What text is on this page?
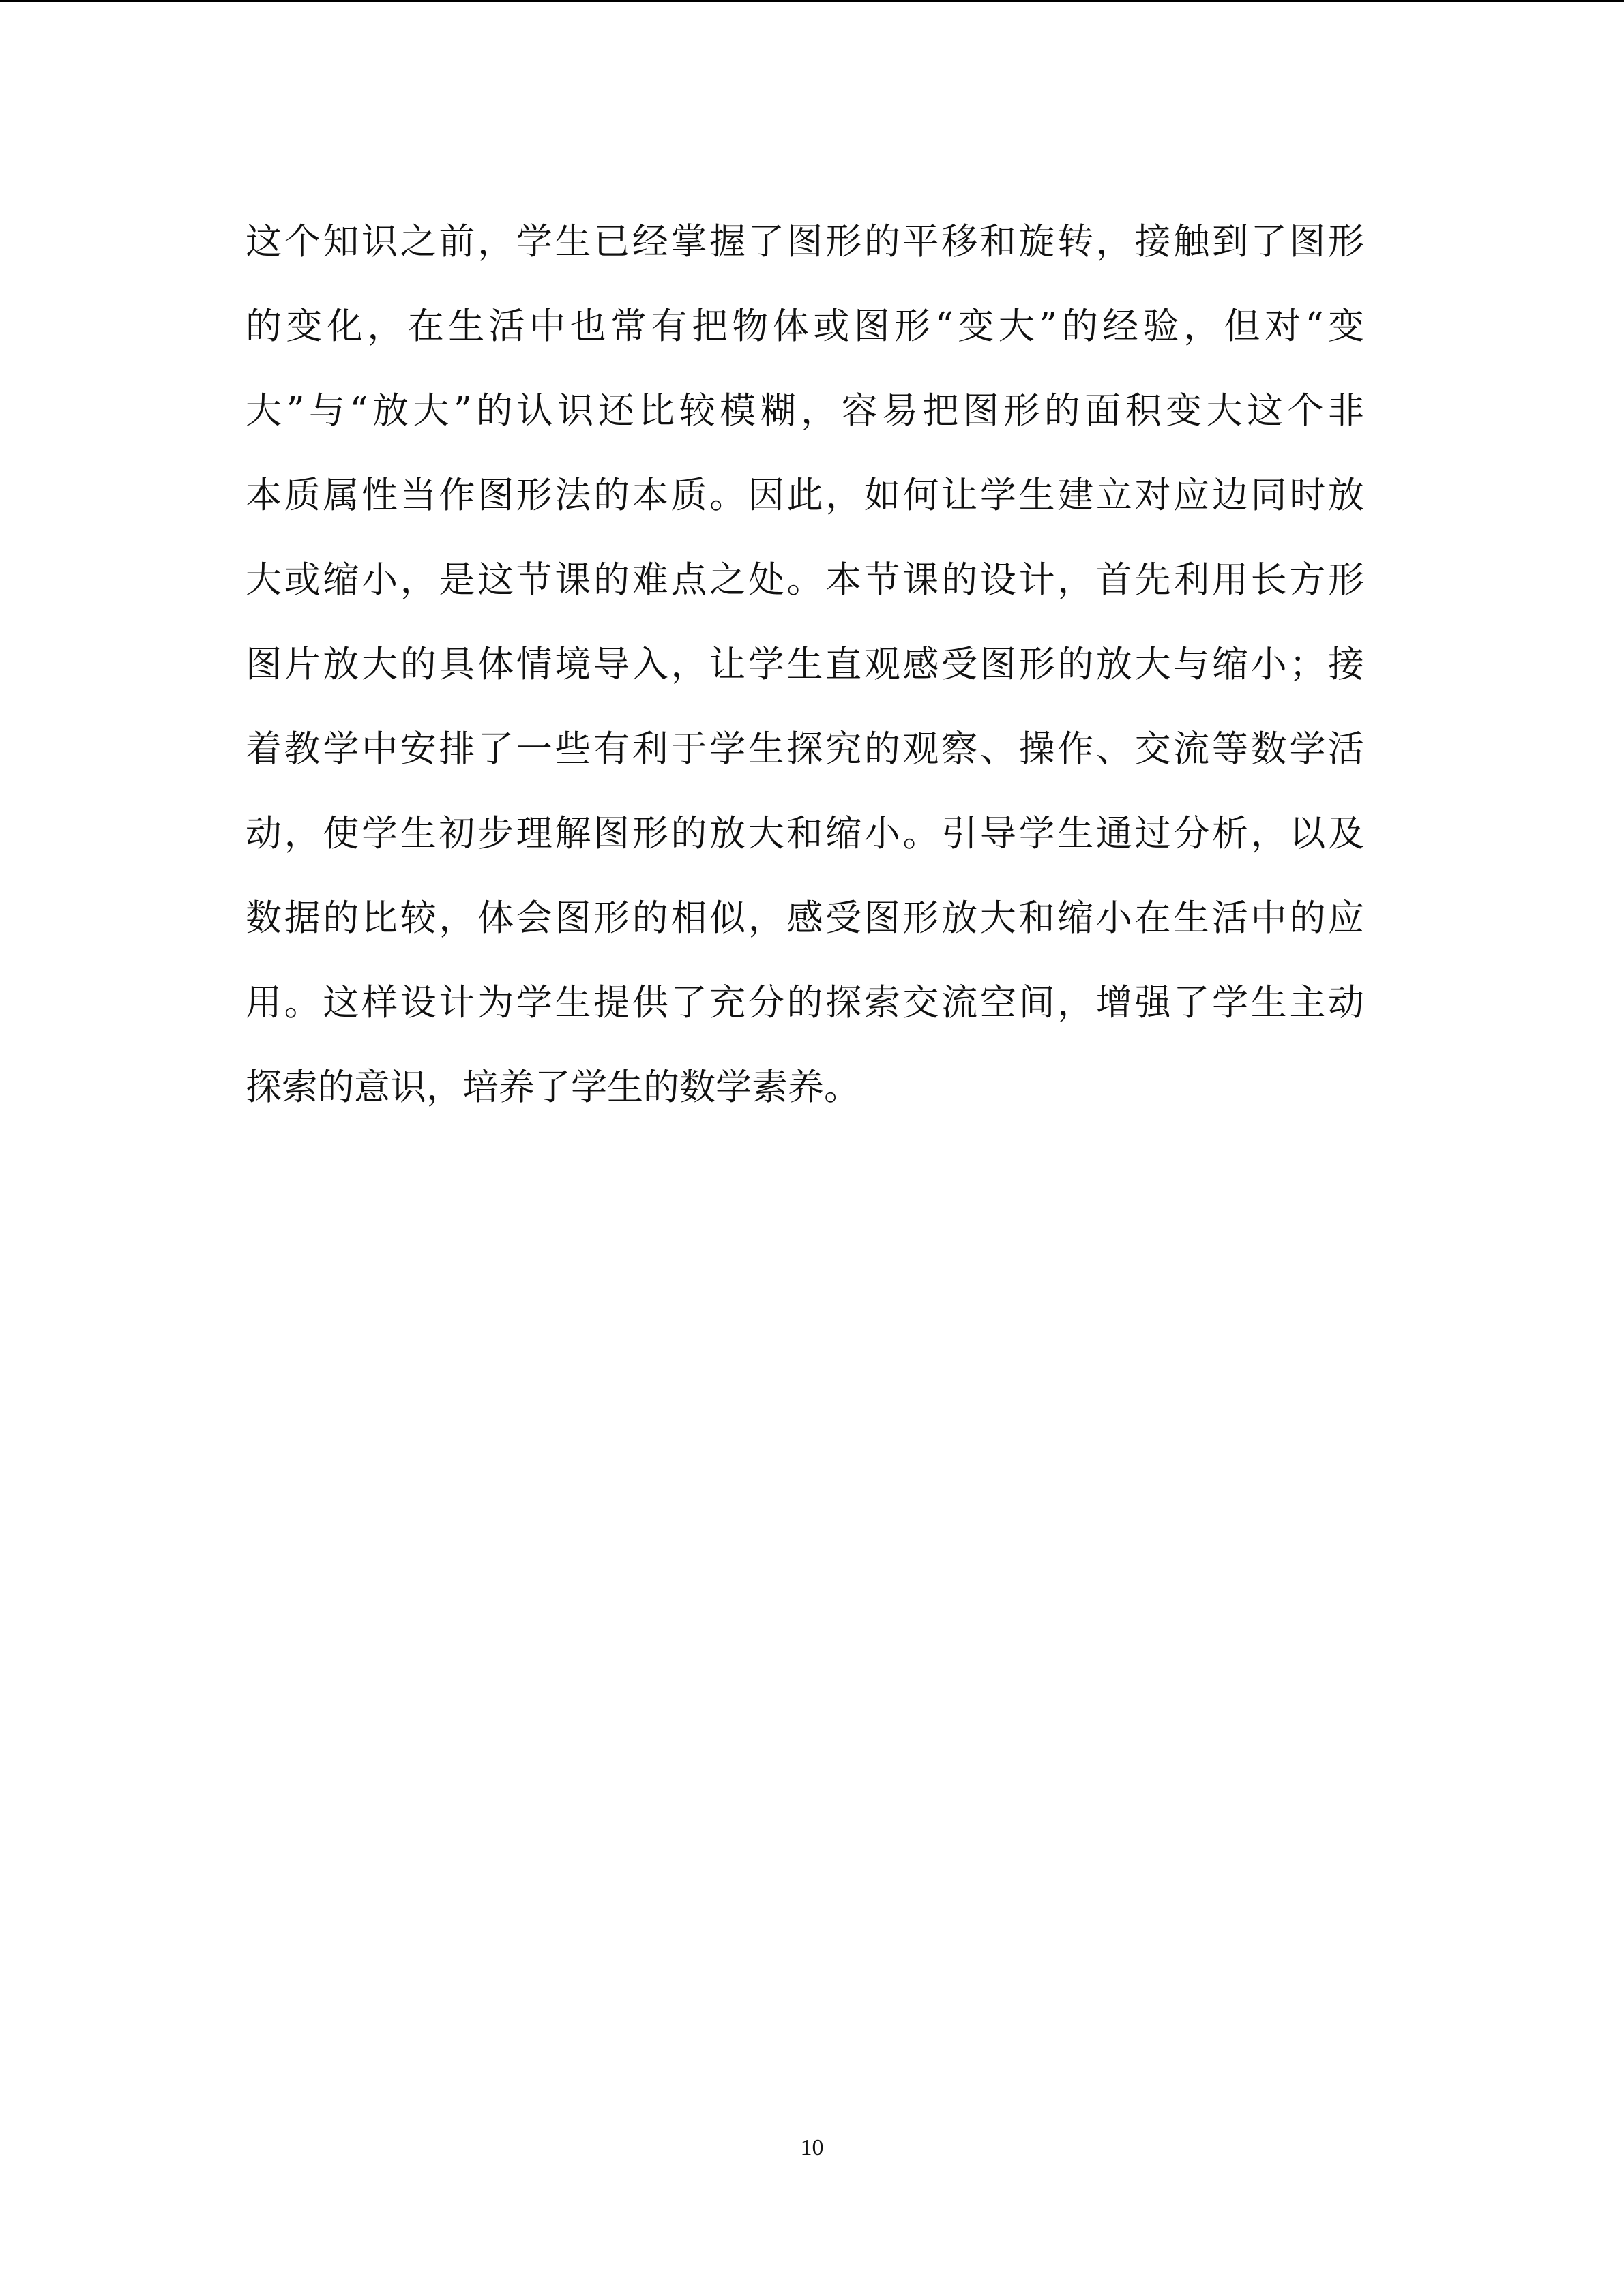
这个知识之前，学生已经掌握了图形的平移和旋转，接触到了图形
的变化，在生活中也常有把物体或图形“变大”的经验，但对“变
大”与“放大”的认识还比较模糊，容易把图形的面积变大这个非
本质属性当作图形法的本质。因此，如何让学生建立对应边同时放
大或缩小，是这节课的难点之处。本节课的设计，首先利用长方形
图片放大的具体情境导入，让学生直观感受图形的放大与缩小；接
着教学中安排了一些有利于学生探究的观察、操作、交流等数学活
动，使学生初步理解图形的放大和缩小。引导学生通过分析，以及
数据的比较，体会图形的相似，感受图形放大和缩小在生活中的应
用。这样设计为学生提供了充分的探索交流空间，增强了学生主动
探索的意识，培养了学生的数学素养。
10
